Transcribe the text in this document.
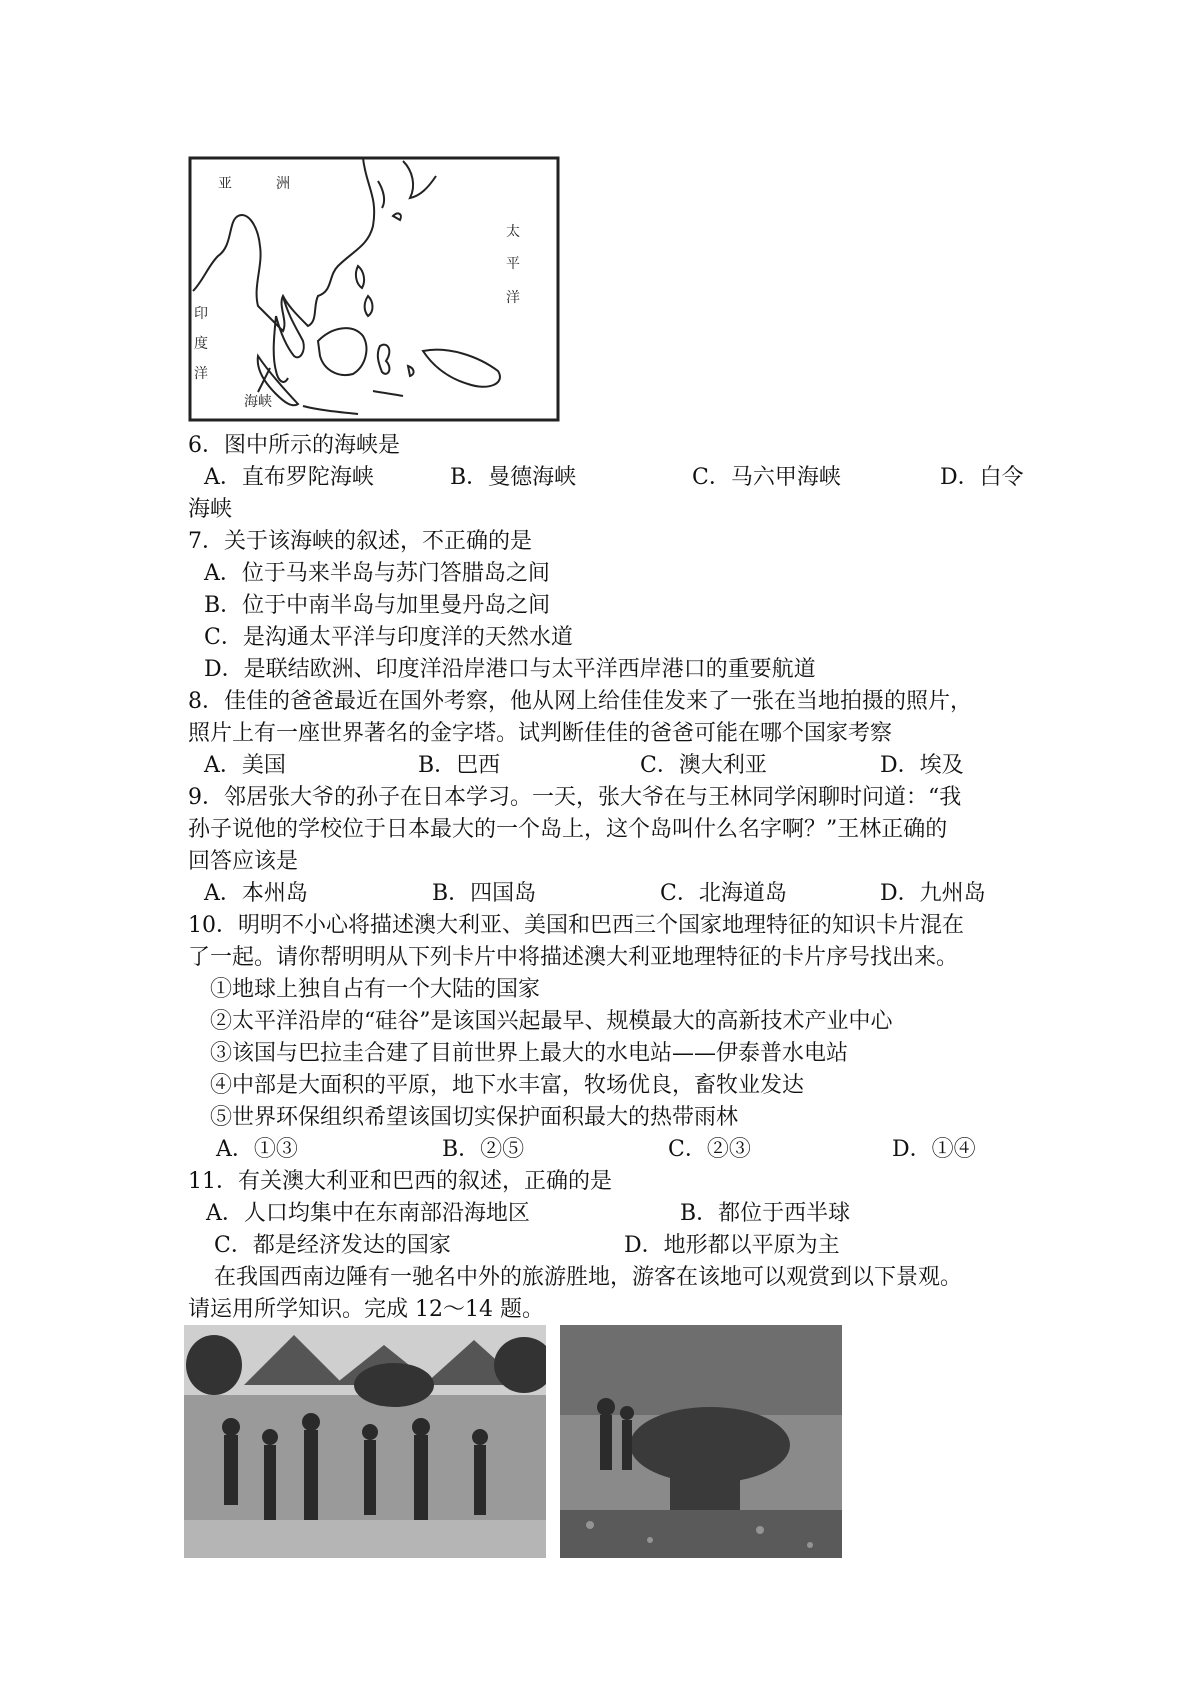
亚	洲
太
平
洋
印
度
洋
海峡
6．图中所示的海峡是
A．直布罗陀海峡	B．曼德海峡	C．马六甲海峡	D．白令
海峡
7．关于该海峡的叙述，不正确的是
A．位于马来半岛与苏门答腊岛之间
B．位于中南半岛与加里曼丹岛之间
C．是沟通太平洋与印度洋的天然水道
D．是联结欧洲、印度洋沿岸港口与太平洋西岸港口的重要航道
8．佳佳的爸爸最近在国外考察，他从网上给佳佳发来了一张在当地拍摄的照片，
照片上有一座世界著名的金字塔。试判断佳佳的爸爸可能在哪个国家考察
A．美国	B．巴西	C．澳大利亚	D．埃及
9．邻居张大爷的孙子在日本学习。一天，张大爷在与王林同学闲聊时问道：“我
孙子说他的学校位于日本最大的一个岛上，这个岛叫什么名字啊？”王林正确的
回答应该是
A．本州岛	B．四国岛	C．北海道岛	D．九州岛
10．明明不小心将描述澳大利亚、美国和巴西三个国家地理特征的知识卡片混在
了一起。请你帮明明从下列卡片中将描述澳大利亚地理特征的卡片序号找出来。
①地球上独自占有一个大陆的国家
②太平洋沿岸的“硅谷”是该国兴起最早、规模最大的高新技术产业中心
③该国与巴拉圭合建了目前世界上最大的水电站——伊泰普水电站
④中部是大面积的平原，地下水丰富，牧场优良，畜牧业发达
⑤世界环保组织希望该国切实保护面积最大的热带雨林
A．①③	B．②⑤	C．②③	D．①④
11．有关澳大利亚和巴西的叙述，正确的是
A．人口均集中在东南部沿海地区	B．都位于西半球
C．都是经济发达的国家	D．地形都以平原为主
在我国西南边陲有一驰名中外的旅游胜地，游客在该地可以观赏到以下景观。
请运用所学知识。完成 12～14 题。
